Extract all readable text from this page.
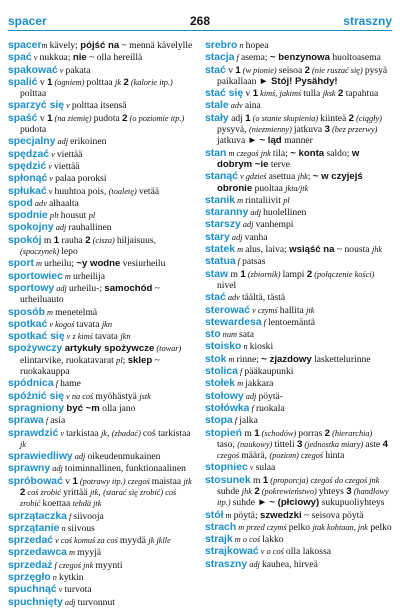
spacer	268	straszny
spacerm kävely; pójść na ~ mennä kävelylle
spać v nukkua; nie ~ olla hereillä
spakować v pakata
spalić v 1 (ogniem) polttaa jk 2 (kalorie itp.) polttaa
sparzyć się v polttaa itsensä
spaść v 1 (na ziemię) pudota 2 (o poziomie itp.) pudota
specjalny adj erikoinen
spędzać v viettää
spędzić v viettää
spłonąć v palaa poroksi
spłukać v huuhtoa pois, (toaletę) vetää
spod adv alhaalta
spodnie plt housut pl
spokojny adj rauhallinen
spokój m 1 rauha 2 (cisza) hiljaisuus, (spoczynek) lepo
sport m urheilu; ~y wodne vesiurheilu
sportowiec m urheilija
sportowy adj urheilu-; samochód ~ urheiluauto
sposób m menetelmä
spotkać v kogoś tavata jkn
spotkać się v z kimś tavata jkn
spożywczy artykuły spożywcze (towar) elintarvike, ruokatavarat pl; sklep ~ ruokakauppa
spódnica f hame
spóźnić się v na coś myöhästyä jstk
spragniony być ~m olla jano
sprawa f asia
sprawdzić v tarkistaa jk, (zbadać) coś tarkistaa jk
sprawiedliwy adj oikeudenmukainen
sprawny adj toiminnallinen, funktionaalinen
spróbować v 1 (potrawy itp.) czegoś maistaa jtk 2 coś zrobić yrittää jtk, (starać się zrobić) coś zrobić koettaa tehdä jtk
sprzątaczka f siivooja
sprzątanie n siivous
sprzedać v coś komuś za coś myydä jk jklle
sprzedawca m myyjä
sprzedaż f czegoś jnk myynti
sprzęgło n kytkin
spuchnąć v turvota
spuchnięty adj turvonnut
srebro n hopea
stacja f asema; ~ benzynowa huoltoasema
stać v 1 (w pionie) seisoa 2 (nie ruszać się) pysyä paikallaan ► Stój! Pysähdy!
stać się v 1 kimś, jakimś tulla jksk 2 tapahtua
stale adv aina
stały adj 1 (o stanie skupienia) kiinteä 2 (ciągły) pysyvä, (niezmienny) jatkuva 3 (bez przerwy) jatkuva ► ~ ląd manner
stan m czegoś jnk tila; ~ konta saldo; w dobrym ~ie terve
stanąć v gdzieś asettua jhk; ~ w czyjejś obronie puoltaa jkta/jtk
stanik m rintaliivit pl
staranny adj huolellinen
starszy adj vanhempi
stary adj vanha
statek m alus, laiva; wsiąść na ~ nousta jhk
statua f patsas
staw m 1 (zbiornik) lampi 2 (połączenie kości) nivel
stać adv täältä, tästä
sterować v czymś hallita jtk
stewardesa f lentoemäntä
sto num sata
stoisko n kioski
stok m rinne; ~ zjazdowy laskettelurinne
stolica f pääkaupunki
stołek m jakkara
stołowy adj pöytä-
stołówka f ruokala
stopa f jalka
stopień m 1 (schodów) porras 2 (hierarchia) taso, (naukowy) titteli 3 (jednostka miary) aste 4 czegoś määrä, (poziom) czegoś hinta
stopniec v sulaa
stosunek m 1 (proporcja) czegoś do czegoś jnk suhde jhk 2 (pokrewieństwo) yhteys 3 (handlowy itp.) suhde ► ~ (płciowy) sukupuoliyhteys
stół m pöytä; szwedzki ~ seisova pöytä
strach m przed czymś pelko jtak kohtaan, jnk pelko
strajk m o coś lakko
strajkować v o coś olla lakossa
straszny adj kauhea, hirveä
